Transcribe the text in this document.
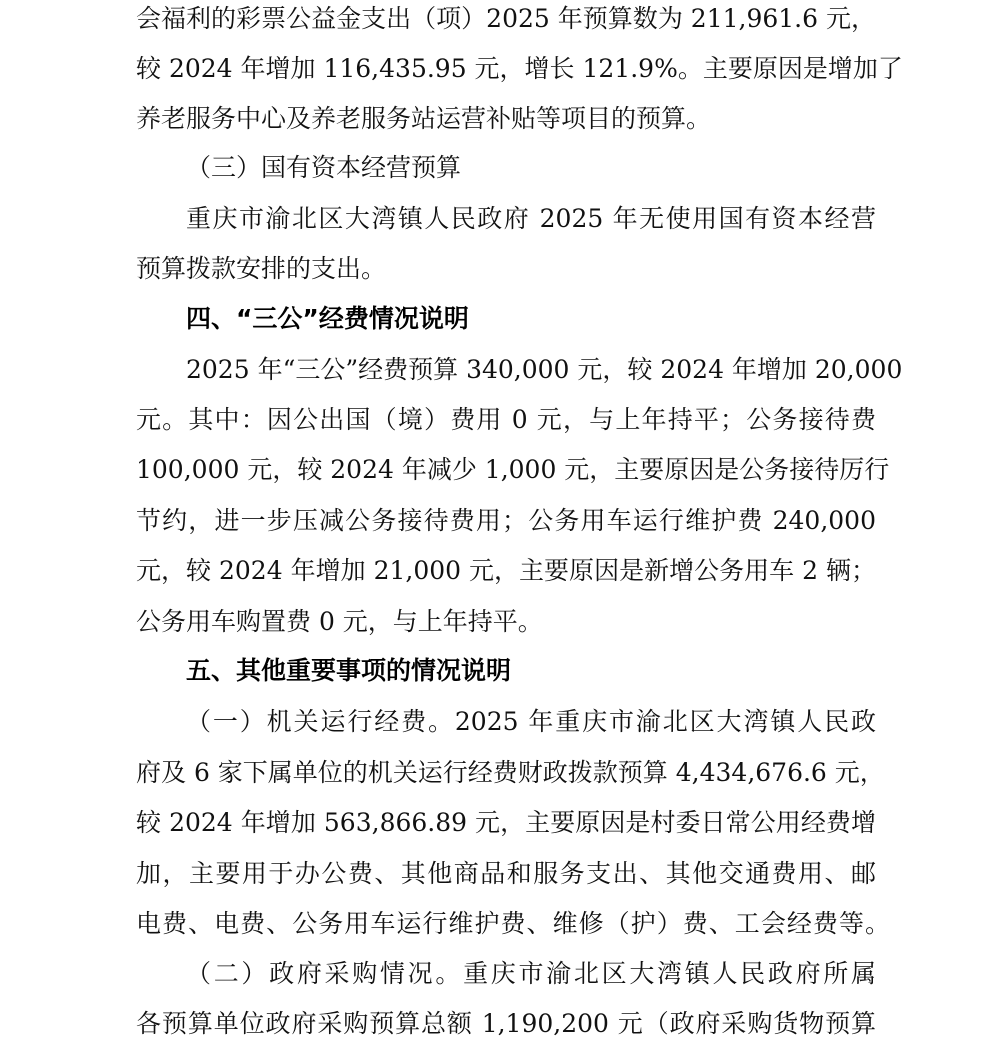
会福利的彩票公益金支出（项）2025 年预算数为 211,961.6 元，
较 2024 年增加 116,435.95 元，增长 121.9%。主要原因是增加了
养老服务中心及养老服务站运营补贴等项目的预算。
（三）国有资本经营预算
重庆市渝北区大湾镇人民政府 2025 年无使用国有资本经营
预算拨款安排的支出。
四、“三公”经费情况说明
2025 年“三公”经费预算 340,000 元，较 2024 年增加 20,000
元。其中：因公出国（境）费用 0 元，与上年持平；公务接待费
100,000 元，较 2024 年减少 1,000 元，主要原因是公务接待厉行
节约，进一步压减公务接待费用；公务用车运行维护费 240,000
元，较 2024 年增加 21,000 元，主要原因是新增公务用车 2 辆；
公务用车购置费 0 元，与上年持平。
五、其他重要事项的情况说明
（一）机关运行经费。2025 年重庆市渝北区大湾镇人民政
府及 6 家下属单位的机关运行经费财政拨款预算 4,434,676.6 元，
较 2024 年增加 563,866.89 元，主要原因是村委日常公用经费增
加，主要用于办公费、其他商品和服务支出、其他交通费用、邮
电费、电费、公务用车运行维护费、维修（护）费、工会经费等。
（二）政府采购情况。重庆市渝北区大湾镇人民政府所属
各预算单位政府采购预算总额 1,190,200 元（政府采购货物预算
